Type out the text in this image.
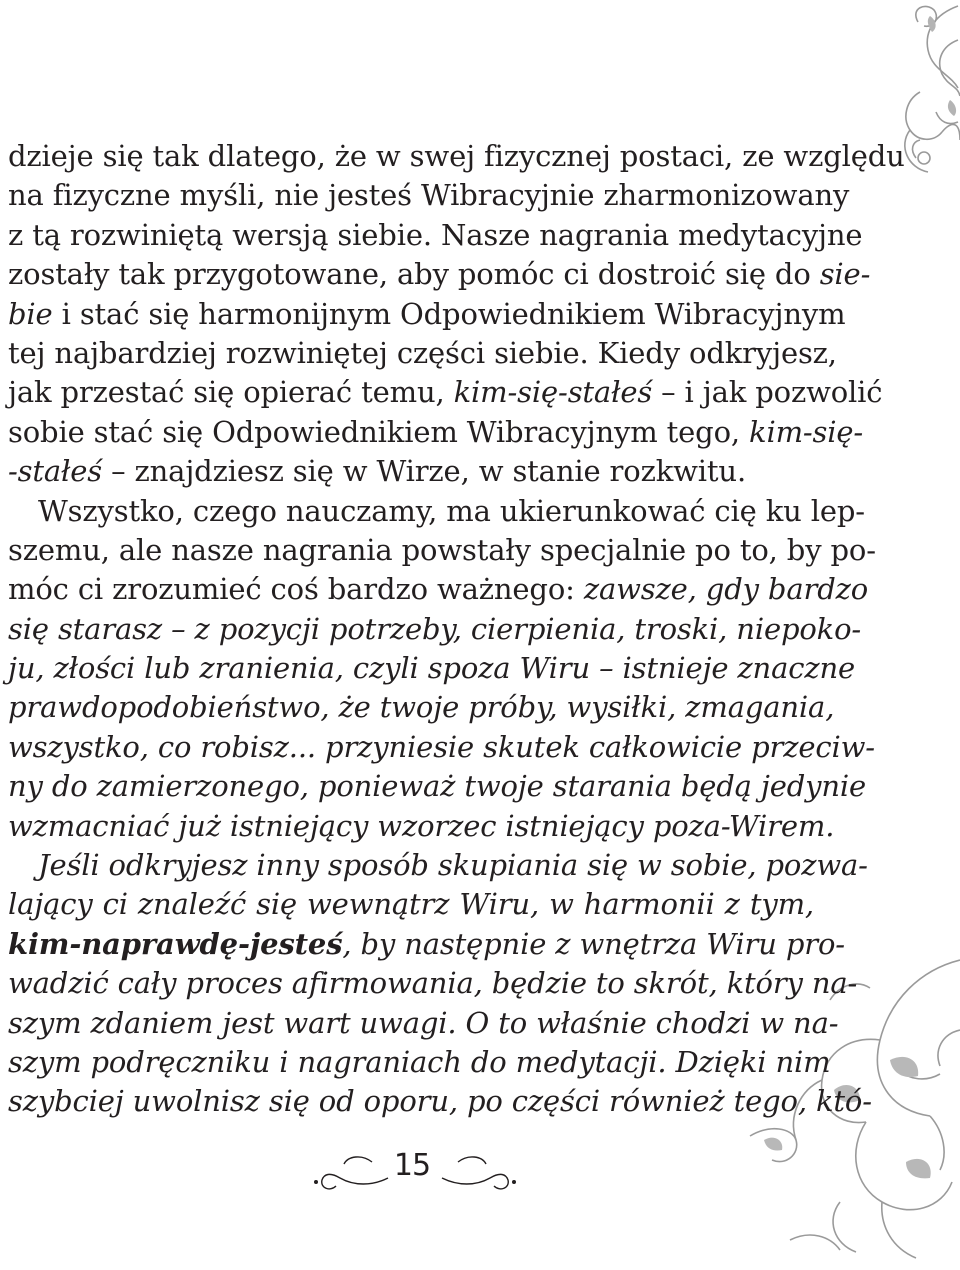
dzieje się tak dlatego, że w swej fizycznej postaci, ze względu
na fizyczne myśli, nie jesteś Wibracyjnie zharmonizowany
z tą rozwiniętą wersją siebie. Nasze nagrania medytacyjne
zostały tak przygotowane, aby pomóc ci dostroić się do sie-
bie i stać się harmonijnym Odpowiednikiem Wibracyjnym
tej najbardziej rozwiniętej części siebie. Kiedy odkryjesz,
jak przestać się opierać temu, kim-się-stałeś – i jak pozwolić
sobie stać się Odpowiednikiem Wibracyjnym tego, kim-się-
-stałeś – znajdziesz się w Wirze, w stanie rozkwitu.
Wszystko, czego nauczamy, ma ukierunkować cię ku lep-
szemu, ale nasze nagrania powstały specjalnie po to, by po-
móc ci zrozumieć coś bardzo ważnego: zawsze, gdy bardzo
się starasz – z pozycji potrzeby, cierpienia, troski, niepoko-
ju, złości lub zranienia, czyli spoza Wiru – istnieje znaczne
prawdopodobieństwo, że twoje próby, wysiłki, zmagania,
wszystko, co robisz... przyniesie skutek całkowicie przeciw-
ny do zamierzonego, ponieważ twoje starania będą jedynie
wzmacniać już istniejący wzorzec istniejący poza-Wirem.
Jeśli odkryjesz inny sposób skupiania się w sobie, pozwa-
lający ci znaleźć się wewnątrz Wiru, w harmonii z tym,
kim-naprawdę-jesteś, by następnie z wnętrza Wiru pro-
wadzić cały proces afirmowania, będzie to skrót, który na-
szym zdaniem jest wart uwagi. O to właśnie chodzi w na-
szym podręczniku i nagraniach do medytacji. Dzięki nim
szybciej uwolnisz się od oporu, po części również tego, któ-
15
